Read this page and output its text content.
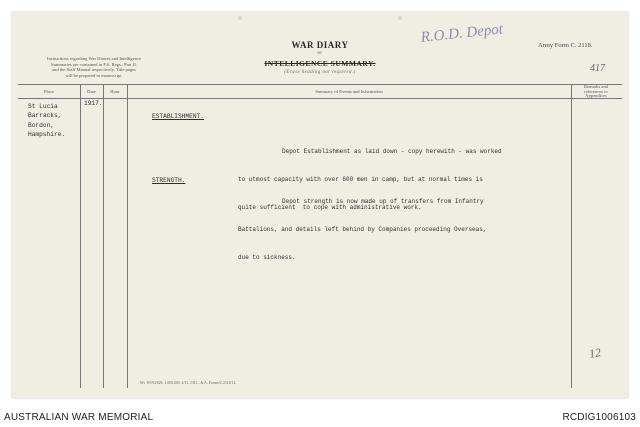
Instructions regarding War Diaries and Intelligence
Summaries are contained in F.S. Regs., Part II.
and the Staff Manual respectively. Title pages
will be prepared in manuscript.
WAR DIARY
or
INTELLIGENCE SUMMARY.
(Erase heading not required.)
R.O.D. Depot	Army Form C. 2118.
417
Place	Date	Hour	Summary of Events and Information
Remarks and
references to
Appendices
St Lucia
Barracks,
Bordon,
Hampshire.
1917.
ESTABLISHMENT.

Depot Establishment as laid down - copy herewith - was worked

to utmost capacity with over 600 men in camp, but at normal times is

quite sufficient  to cope with administrative work.

STRENGTH.

Depot strength is now made up of transfers from Infantry

Battalions, and details left behind by Companies proceeding Overseas,

due to sickness.

12
Wt. W593/826. 1,000,000. 4/15. J.B.C. & A. Forms/C.2118/12.
AUSTRALIAN WAR MEMORIAL	RCDIG1006103
